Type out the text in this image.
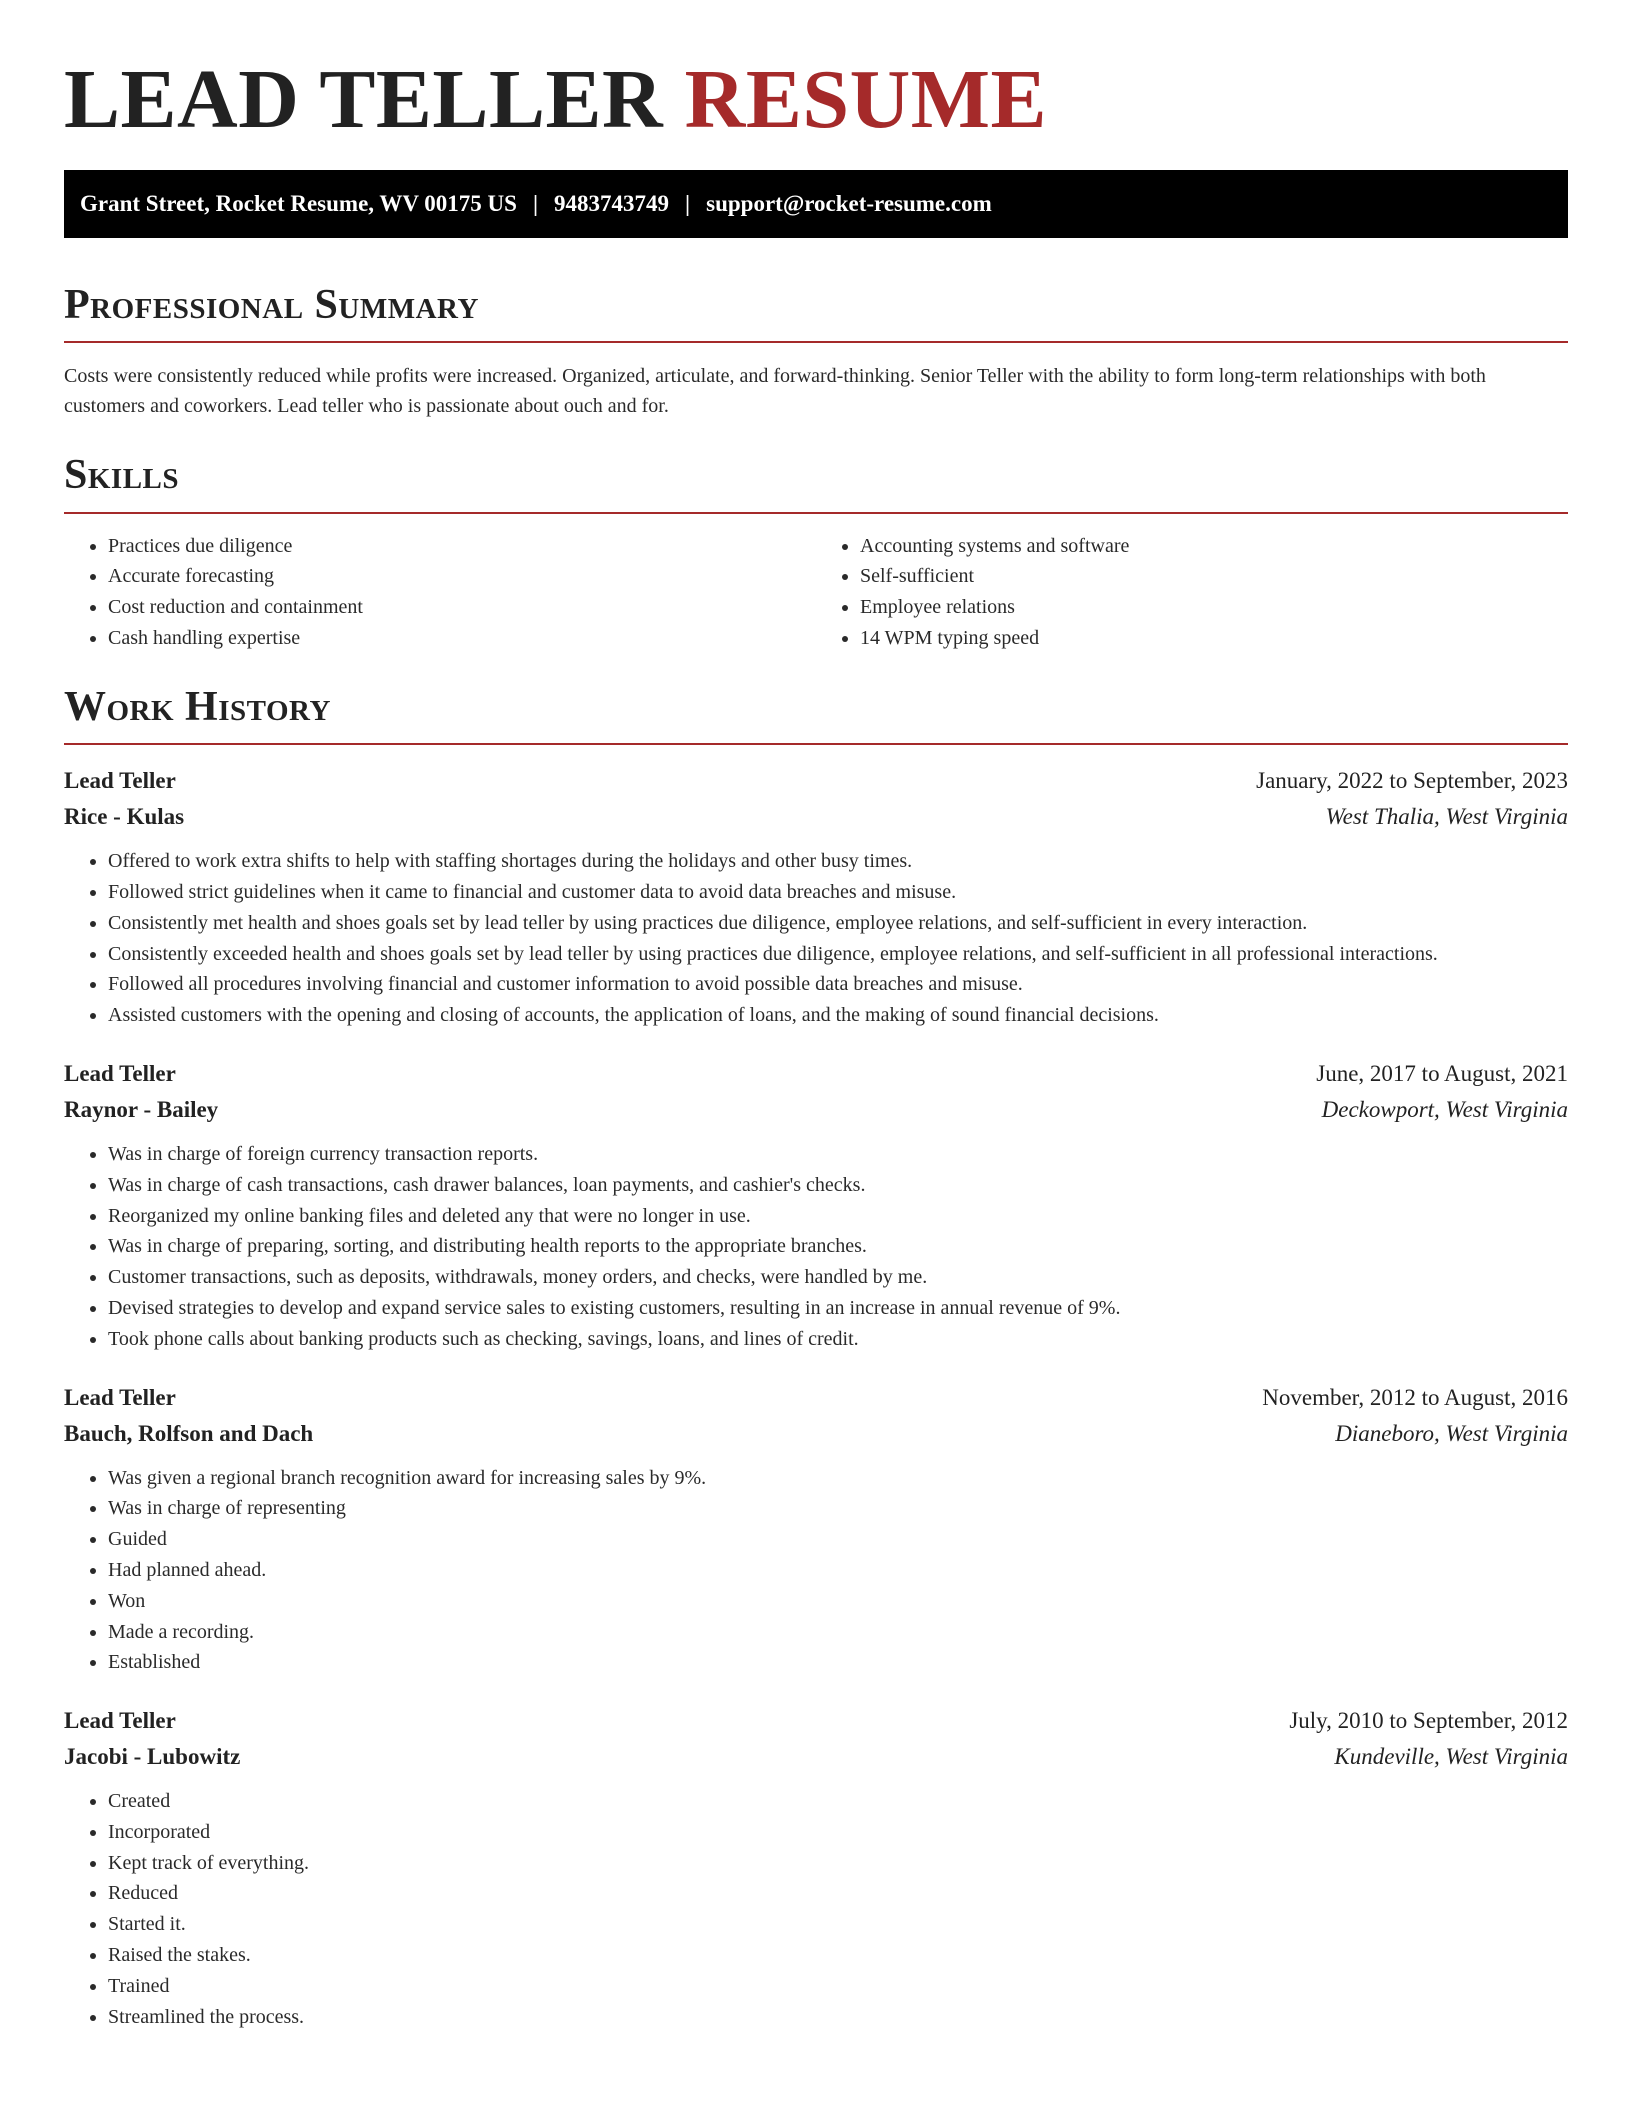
LEAD TELLER RESUME
Grant Street, Rocket Resume, WV 00175 US | 9483743749 | support@rocket-resume.com
Professional Summary

Costs were consistently reduced while profits were increased. Organized, articulate, and forward-thinking. Senior Teller with the ability to form long-term relationships with both customers and coworkers. Lead teller who is passionate about ouch and for.

Skills
• Practices due diligence
• Accurate forecasting
• Cost reduction and containment
• Cash handling expertise
• Accounting systems and software
• Self-sufficient
• Employee relations
• 14 WPM typing speed
Work History
Lead Teller	January, 2022 to September, 2023
Rice - Kulas	West Thalia, West Virginia
• Offered to work extra shifts to help with staffing shortages during the holidays and other busy times.
• Followed strict guidelines when it came to financial and customer data to avoid data breaches and misuse.
• Consistently met health and shoes goals set by lead teller by using practices due diligence, employee relations, and self-sufficient in every interaction.
• Consistently exceeded health and shoes goals set by lead teller by using practices due diligence, employee relations, and self-sufficient in all professional interactions.
• Followed all procedures involving financial and customer information to avoid possible data breaches and misuse.
• Assisted customers with the opening and closing of accounts, the application of loans, and the making of sound financial decisions.
Lead Teller	June, 2017 to August, 2021
Raynor - Bailey	Deckowport, West Virginia
• Was in charge of foreign currency transaction reports.
• Was in charge of cash transactions, cash drawer balances, loan payments, and cashier's checks.
• Reorganized my online banking files and deleted any that were no longer in use.
• Was in charge of preparing, sorting, and distributing health reports to the appropriate branches.
• Customer transactions, such as deposits, withdrawals, money orders, and checks, were handled by me.
• Devised strategies to develop and expand service sales to existing customers, resulting in an increase in annual revenue of 9%.
• Took phone calls about banking products such as checking, savings, loans, and lines of credit.
Lead Teller	November, 2012 to August, 2016
Bauch, Rolfson and Dach	Dianeboro, West Virginia
• Was given a regional branch recognition award for increasing sales by 9%.
• Was in charge of representing
• Guided
• Had planned ahead.
• Won
• Made a recording.
• Established
Lead Teller	July, 2010 to September, 2012
Jacobi - Lubowitz	Kundeville, West Virginia
• Created
• Incorporated
• Kept track of everything.
• Reduced
• Started it.
• Raised the stakes.
• Trained
• Streamlined the process.
